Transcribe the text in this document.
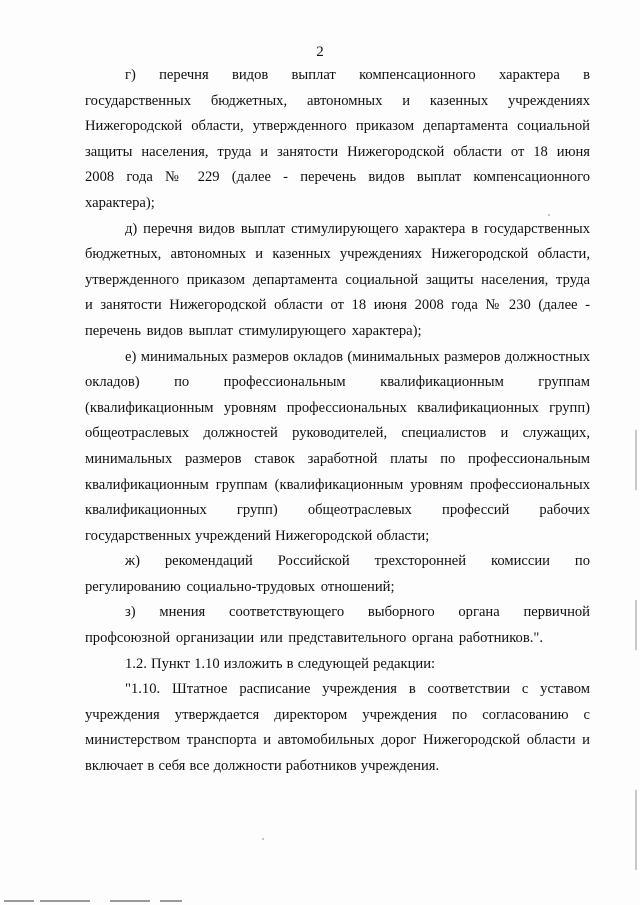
2

г) перечня видов выплат компенсационного характера в государственных бюджетных, автономных и казенных учреждениях Нижегородской области, утвержденного приказом департамента социальной защиты населения, труда и занятости Нижегородской области от 18 июня 2008 года № 229 (далее - перечень видов выплат компенсационного характера);

д) перечня видов выплат стимулирующего характера в государственных бюджетных, автономных и казенных учреждениях Нижегородской области, утвержденного приказом департамента социальной защиты населения, труда и занятости Нижегородской области от 18 июня 2008 года № 230 (далее - перечень видов выплат стимулирующего характера);

е) минимальных размеров окладов (минимальных размеров должностных окладов) по профессиональным квалификационным группам (квалификационным уровням профессиональных квалификационных групп) общеотраслевых должностей руководителей, специалистов и служащих, минимальных размеров ставок заработной платы по профессиональным квалификационным группам (квалификационным уровням профессиональных квалификационных групп) общеотраслевых профессий рабочих государственных учреждений Нижегородской области;

ж) рекомендаций Российской трехсторонней комиссии по регулированию социально-трудовых отношений;

з) мнения соответствующего выборного органа первичной профсоюзной организации или представительного органа работников.".

1.2. Пункт 1.10 изложить в следующей редакции:

"1.10. Штатное расписание учреждения в соответствии с уставом учреждения утверждается директором учреждения по согласованию с министерством транспорта и автомобильных дорог Нижегородской области и включает в себя все должности работников учреждения.
